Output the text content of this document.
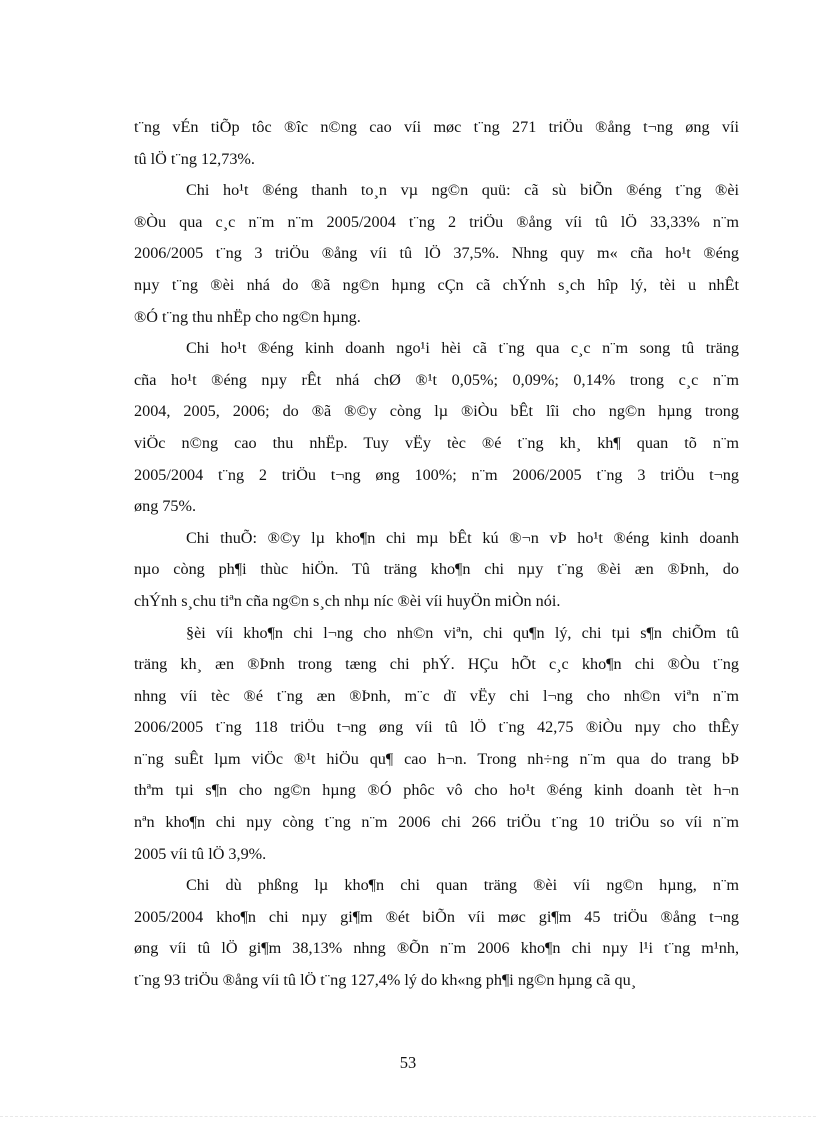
t¨ng vÉn tiÕp tôc ®îc n©ng cao víi møc t¨ng 271 triÖu ®ång t¬ng øng víi
tû lÖ t¨ng 12,73%.
Chi ho¹t ®éng thanh to¸n vµ ng©n quü: cã sù biÕn ®éng t¨ng ®èi
®Òu qua c¸c n¨m n¨m 2005/2004 t¨ng 2 triÖu ®ång víi tû lÖ 33,33% n¨m
2006/2005 t¨ng 3 triÖu ®ång víi tû lÖ 37,5%. Nhng quy m« cña ho¹t ®éng
nµy t¨ng ®èi nhá do ®ã ng©n hµng cÇn cã chÝnh s¸ch hîp lý, tèi u nhÊt
®Ó t¨ng thu nhËp cho ng©n hµng.
Chi ho¹t ®éng kinh doanh ngo¹i hèi cã t¨ng qua c¸c n¨m song tû träng
cña ho¹t ®éng nµy rÊt nhá chØ ®¹t 0,05%; 0,09%; 0,14% trong c¸c n¨m
2004, 2005, 2006; do ®ã ®©y còng lµ ®iÒu bÊt lîi cho ng©n hµng trong
viÖc n©ng cao thu nhËp. Tuy vËy tèc ®é t¨ng kh¸ kh¶ quan tõ n¨m
2005/2004 t¨ng 2 triÖu t¬ng øng 100%; n¨m 2006/2005 t¨ng 3 triÖu t¬ng
øng 75%.
Chi thuÕ: ®©y lµ kho¶n chi mµ bÊt kú ®¬n vÞ ho¹t ®éng kinh doanh
nµo còng ph¶i thùc hiÖn. Tû träng kho¶n chi nµy t¨ng ®èi æn ®Þnh, do
chÝnh s¸chu tiªn cña ng©n s¸ch nhµ níc ®èi víi huyÖn miÒn nói.
§èi víi kho¶n chi l¬ng cho nh©n viªn, chi qu¶n lý, chi tµi s¶n chiÕm tû
träng kh¸ æn ®Þnh trong tæng chi phÝ. HÇu hÕt c¸c kho¶n chi ®Òu t¨ng
nhng víi tèc ®é t¨ng æn ®Þnh, m¨c dï vËy chi l¬ng cho nh©n viªn n¨m
2006/2005 t¨ng 118 triÖu t¬ng øng víi tû lÖ t¨ng 42,75 ®iÒu nµy cho thÊy
n¨ng suÊt lµm viÖc ®¹t hiÖu qu¶ cao h¬n. Trong nh÷ng n¨m qua do trang bÞ
thªm tµi s¶n cho ng©n hµng ®Ó phôc vô cho ho¹t ®éng kinh doanh tèt h¬n
nªn kho¶n chi nµy còng t¨ng n¨m 2006 chi 266 triÖu t¨ng 10 triÖu so víi n¨m
2005 víi tû lÖ 3,9%.
Chi dù phßng lµ kho¶n chi quan träng ®èi víi ng©n hµng, n¨m
2005/2004 kho¶n chi nµy gi¶m ®ét biÕn víi møc gi¶m 45 triÖu ®ång t¬ng
øng víi tû lÖ gi¶m 38,13% nhng ®Õn n¨m 2006 kho¶n chi nµy l¹i t¨ng m¹nh,
t¨ng 93 triÖu ®ång víi tû lÖ t¨ng 127,4% lý do kh«ng ph¶i ng©n hµng cã qu¸
53
